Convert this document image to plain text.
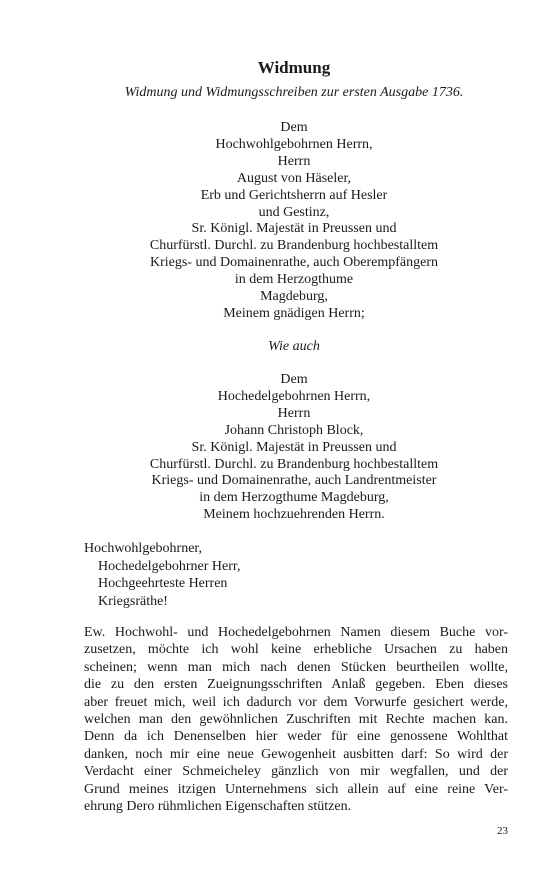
Widmung
Widmung und Widmungsschreiben zur ersten Ausgabe 1736.
Dem
Hochwohlgebohrnen Herrn,
Herrn
August von Häseler,
Erb und Gerichtsherrn auf Hesler
und Gestinz,
Sr. Königl. Majestät in Preussen und
Churfürstl. Durchl. zu Brandenburg hochbestalltem
Kriegs- und Domainenrathe, auch Oberempfängern
in dem Herzogthume
Magdeburg,
Meinem gnädigen Herrn;
Wie auch
Dem
Hochedelgebohrnen Herrn,
Herrn
Johann Christoph Block,
Sr. Königl. Majestät in Preussen und
Churfürstl. Durchl. zu Brandenburg hochbestalltem
Kriegs- und Domainenrathe, auch Landrentmeister
in dem Herzogthume Magdeburg,
Meinem hochzuehrenden Herrn.
Hochwohlgebohrner,
Hochedelgebohrner Herr,
Hochgeehrteste Herren
Kriegsräthe!
Ew. Hochwohl- und Hochedelgebohrnen Namen diesem Buche vor-
zusetzen, möchte ich wohl keine erhebliche Ursachen zu haben
scheinen; wenn man mich nach denen Stücken beurtheilen wollte,
die zu den ersten Zueignungsschriften Anlaß gegeben. Eben dieses
aber freuet mich, weil ich dadurch vor dem Vorwurfe gesichert werde,
welchen man den gewöhnlichen Zuschriften mit Rechte machen kan.
Denn da ich Denenselben hier weder für eine genossene Wohlthat
danken, noch mir eine neue Gewogenheit ausbitten darf: So wird der
Verdacht einer Schmeicheley gänzlich von mir wegfallen, und der
Grund meines itzigen Unternehmens sich allein auf eine reine Ver-
ehrung Dero rühmlichen Eigenschaften stützen.
23
